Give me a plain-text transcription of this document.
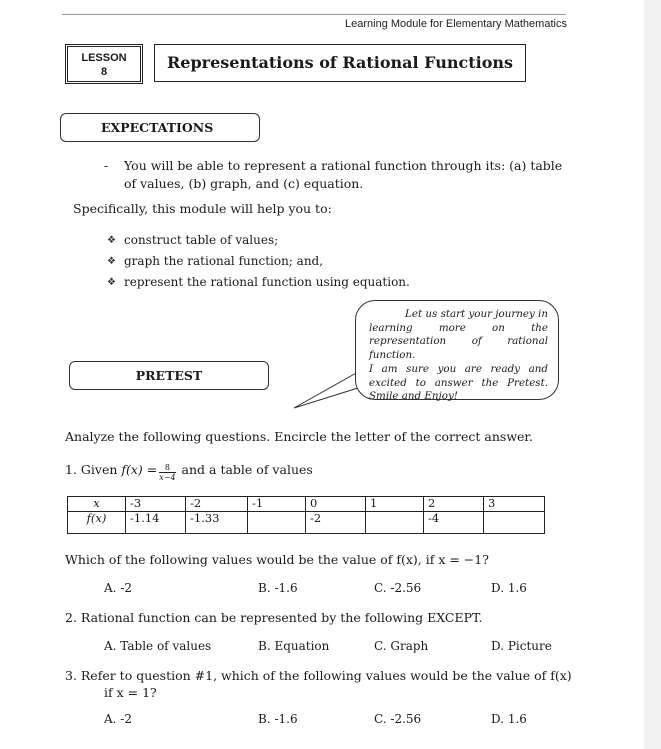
Learning Module for Elementary Mathematics
LESSON
8	Representations of Rational Functions
EXPECTATIONS
- You will be able to represent a rational function through its: (a) table
of values, (b) graph, and (c) equation.
Specifically, this module will help you to:
❖
❖
❖
construct table of values;
graph the rational function; and,
represent the rational function using equation.
Let us start your journey in
learning more on the
representation of rational function.
I am sure you are ready and
excited to answer the Pretest.
Smile and Enjoy!
PRETEST
Analyze the following questions. Encircle the letter of the correct answer.
1. Given $f(x) = \frac{8}{x-4}$ and a table of values
x	-3	-2	-1	0	1	2	3
f(x)	-1.14	-1.33		-2		-4	
Which of the following values would be the value of f(x), if x = −1?
A. -2	B. -1.6	C. -2.56	D. 1.6
2. Rational function can be represented by the following EXCEPT.
A. Table of values	B. Equation	C. Graph	D. Picture
3. Refer to question #1, which of the following values would be the value of f(x)
if x = 1?
A. -2	B. -1.6	C. -2.56	D. 1.6
